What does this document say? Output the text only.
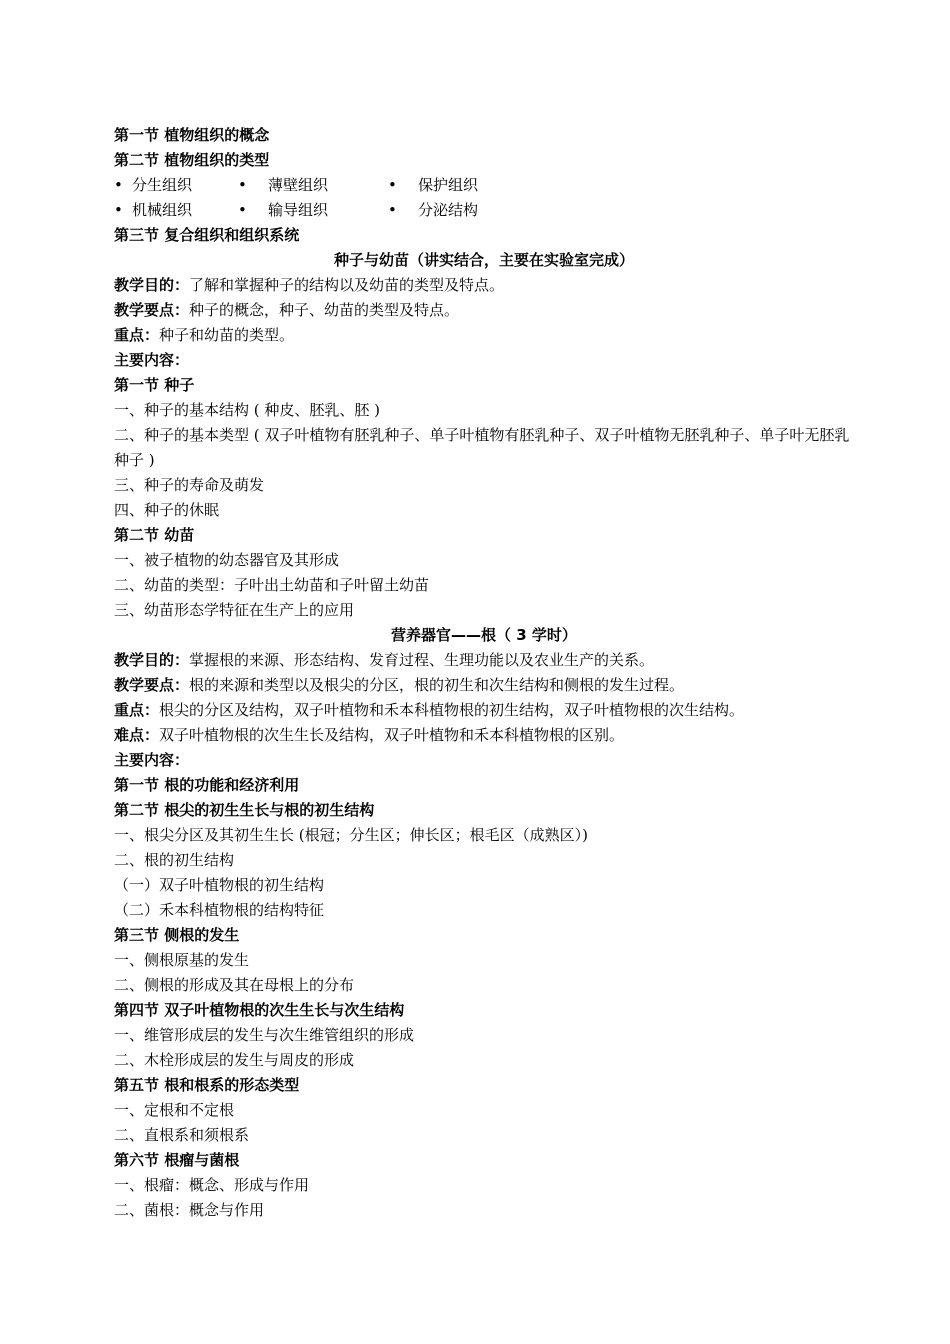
第一节 植物组织的概念
第二节 植物组织的类型
• 分生组织	• 薄壁组织	• 保护组织
• 机械组织	• 输导组织	• 分泌结构
第三节 复合组织和组织系统
种子与幼苗（讲实结合，主要在实验室完成）
教学目的：了解和掌握种子的结构以及幼苗的类型及特点。
教学要点：种子的概念，种子、幼苗的类型及特点。
重点：种子和幼苗的类型。
主要内容：
第一节 种子
一、种子的基本结构 ( 种皮、胚乳、胚 )
二、种子的基本类型 ( 双子叶植物有胚乳种子、单子叶植物有胚乳种子、双子叶植物无胚乳种子、单子叶无胚乳种子 )
三、种子的寿命及萌发
四、种子的休眠
第二节 幼苗
一、被子植物的幼态器官及其形成
二、幼苗的类型：子叶出土幼苗和子叶留土幼苗
三、幼苗形态学特征在生产上的应用
营养器官——根（ 3 学时）
教学目的：掌握根的来源、形态结构、发育过程、生理功能以及农业生产的关系。
教学要点：根的来源和类型以及根尖的分区，根的初生和次生结构和侧根的发生过程。
重点：根尖的分区及结构，双子叶植物和禾本科植物根的初生结构，双子叶植物根的次生结构。
难点：双子叶植物根的次生生长及结构，双子叶植物和禾本科植物根的区别。
主要内容：
第一节 根的功能和经济利用
第二节 根尖的初生生长与根的初生结构
一、根尖分区及其初生生长 (根冠；分生区；伸长区；根毛区（成熟区）)
二、根的初生结构
（一）双子叶植物根的初生结构
（二）禾本科植物根的结构特征
第三节 侧根的发生
一、侧根原基的发生
二、侧根的形成及其在母根上的分布
第四节 双子叶植物根的次生生长与次生结构
一、维管形成层的发生与次生维管组织的形成
二、木栓形成层的发生与周皮的形成
第五节 根和根系的形态类型
一、定根和不定根
二、直根系和须根系
第六节 根瘤与菌根
一、根瘤：概念、形成与作用
二、菌根：概念与作用
